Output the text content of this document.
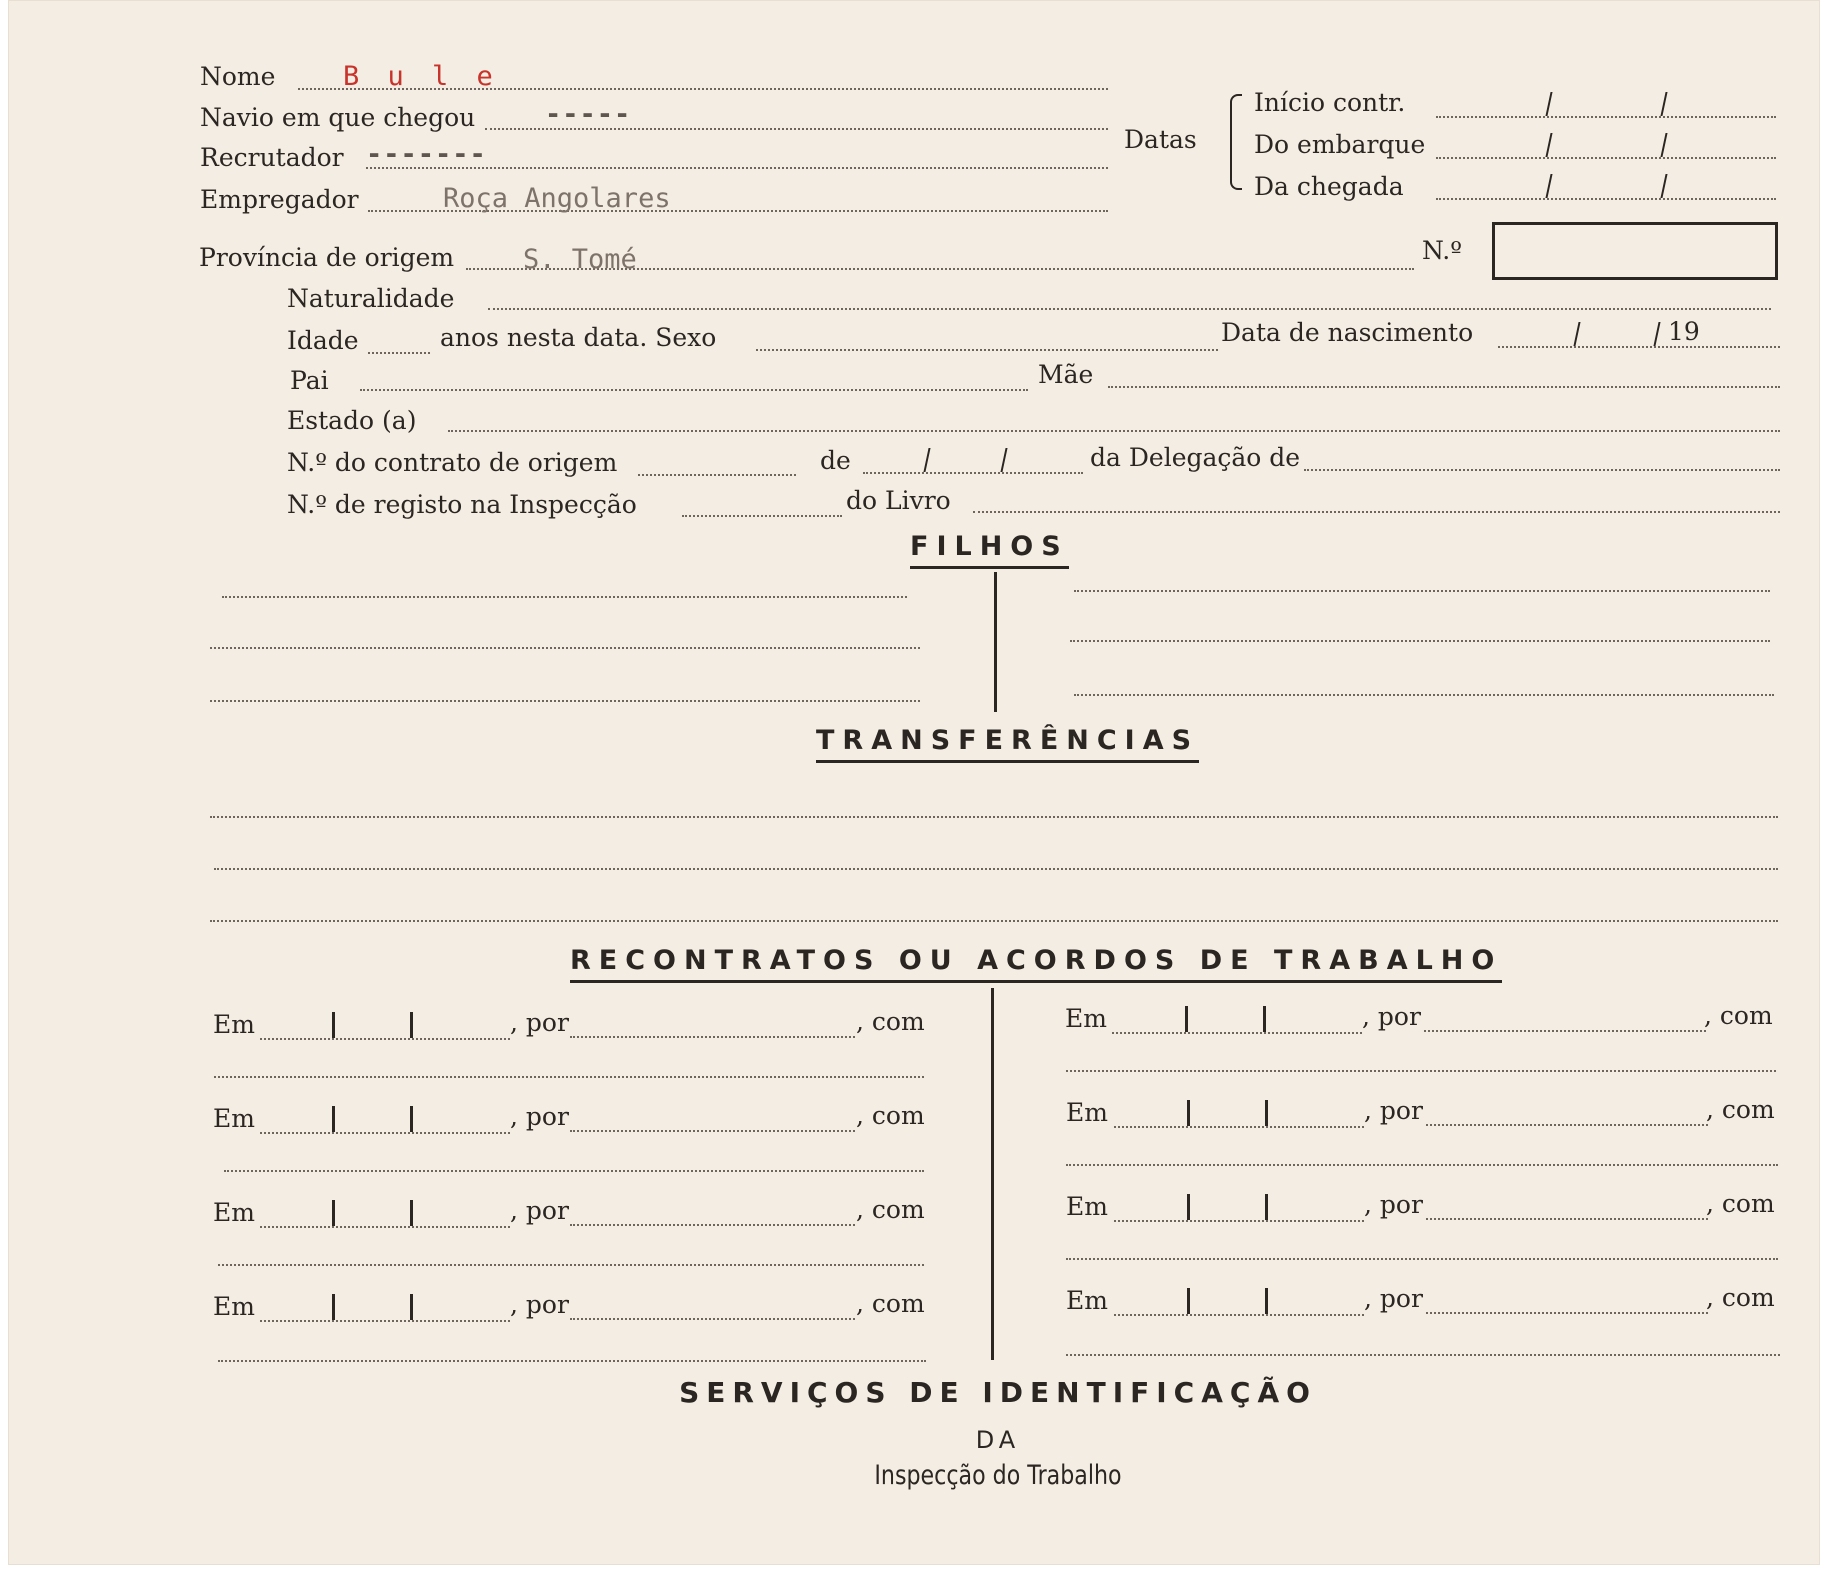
Nome	B u l e
Navio em que chegou	-----
Recrutador -------
Empregador	Roça Angolares
Datas
Início contr.
Do embarque
Da chegada
Província de origem	S. Tomé	N.º
Naturalidade
Idade	anos nesta data. Sexo	Data de nascimento	19
Pai	Mãe
Estado (a)
N.º do contrato de origem	de	da Delegação de
N.º de registo na Inspecção	do Livro
FILHOS
TRANSFERÊNCIAS
RECONTRATOS OU ACORDOS DE TRABALHO
Em	, por	, com
Em	, por	, com
Em	, por	, com
Em	, por	, com
Em	, por	, com
Em	, por	, com
Em	, por	, com
Em	, por	, com
SERVIÇOS DE IDENTIFICAÇÃO
DA
Inspecção do Trabalho
